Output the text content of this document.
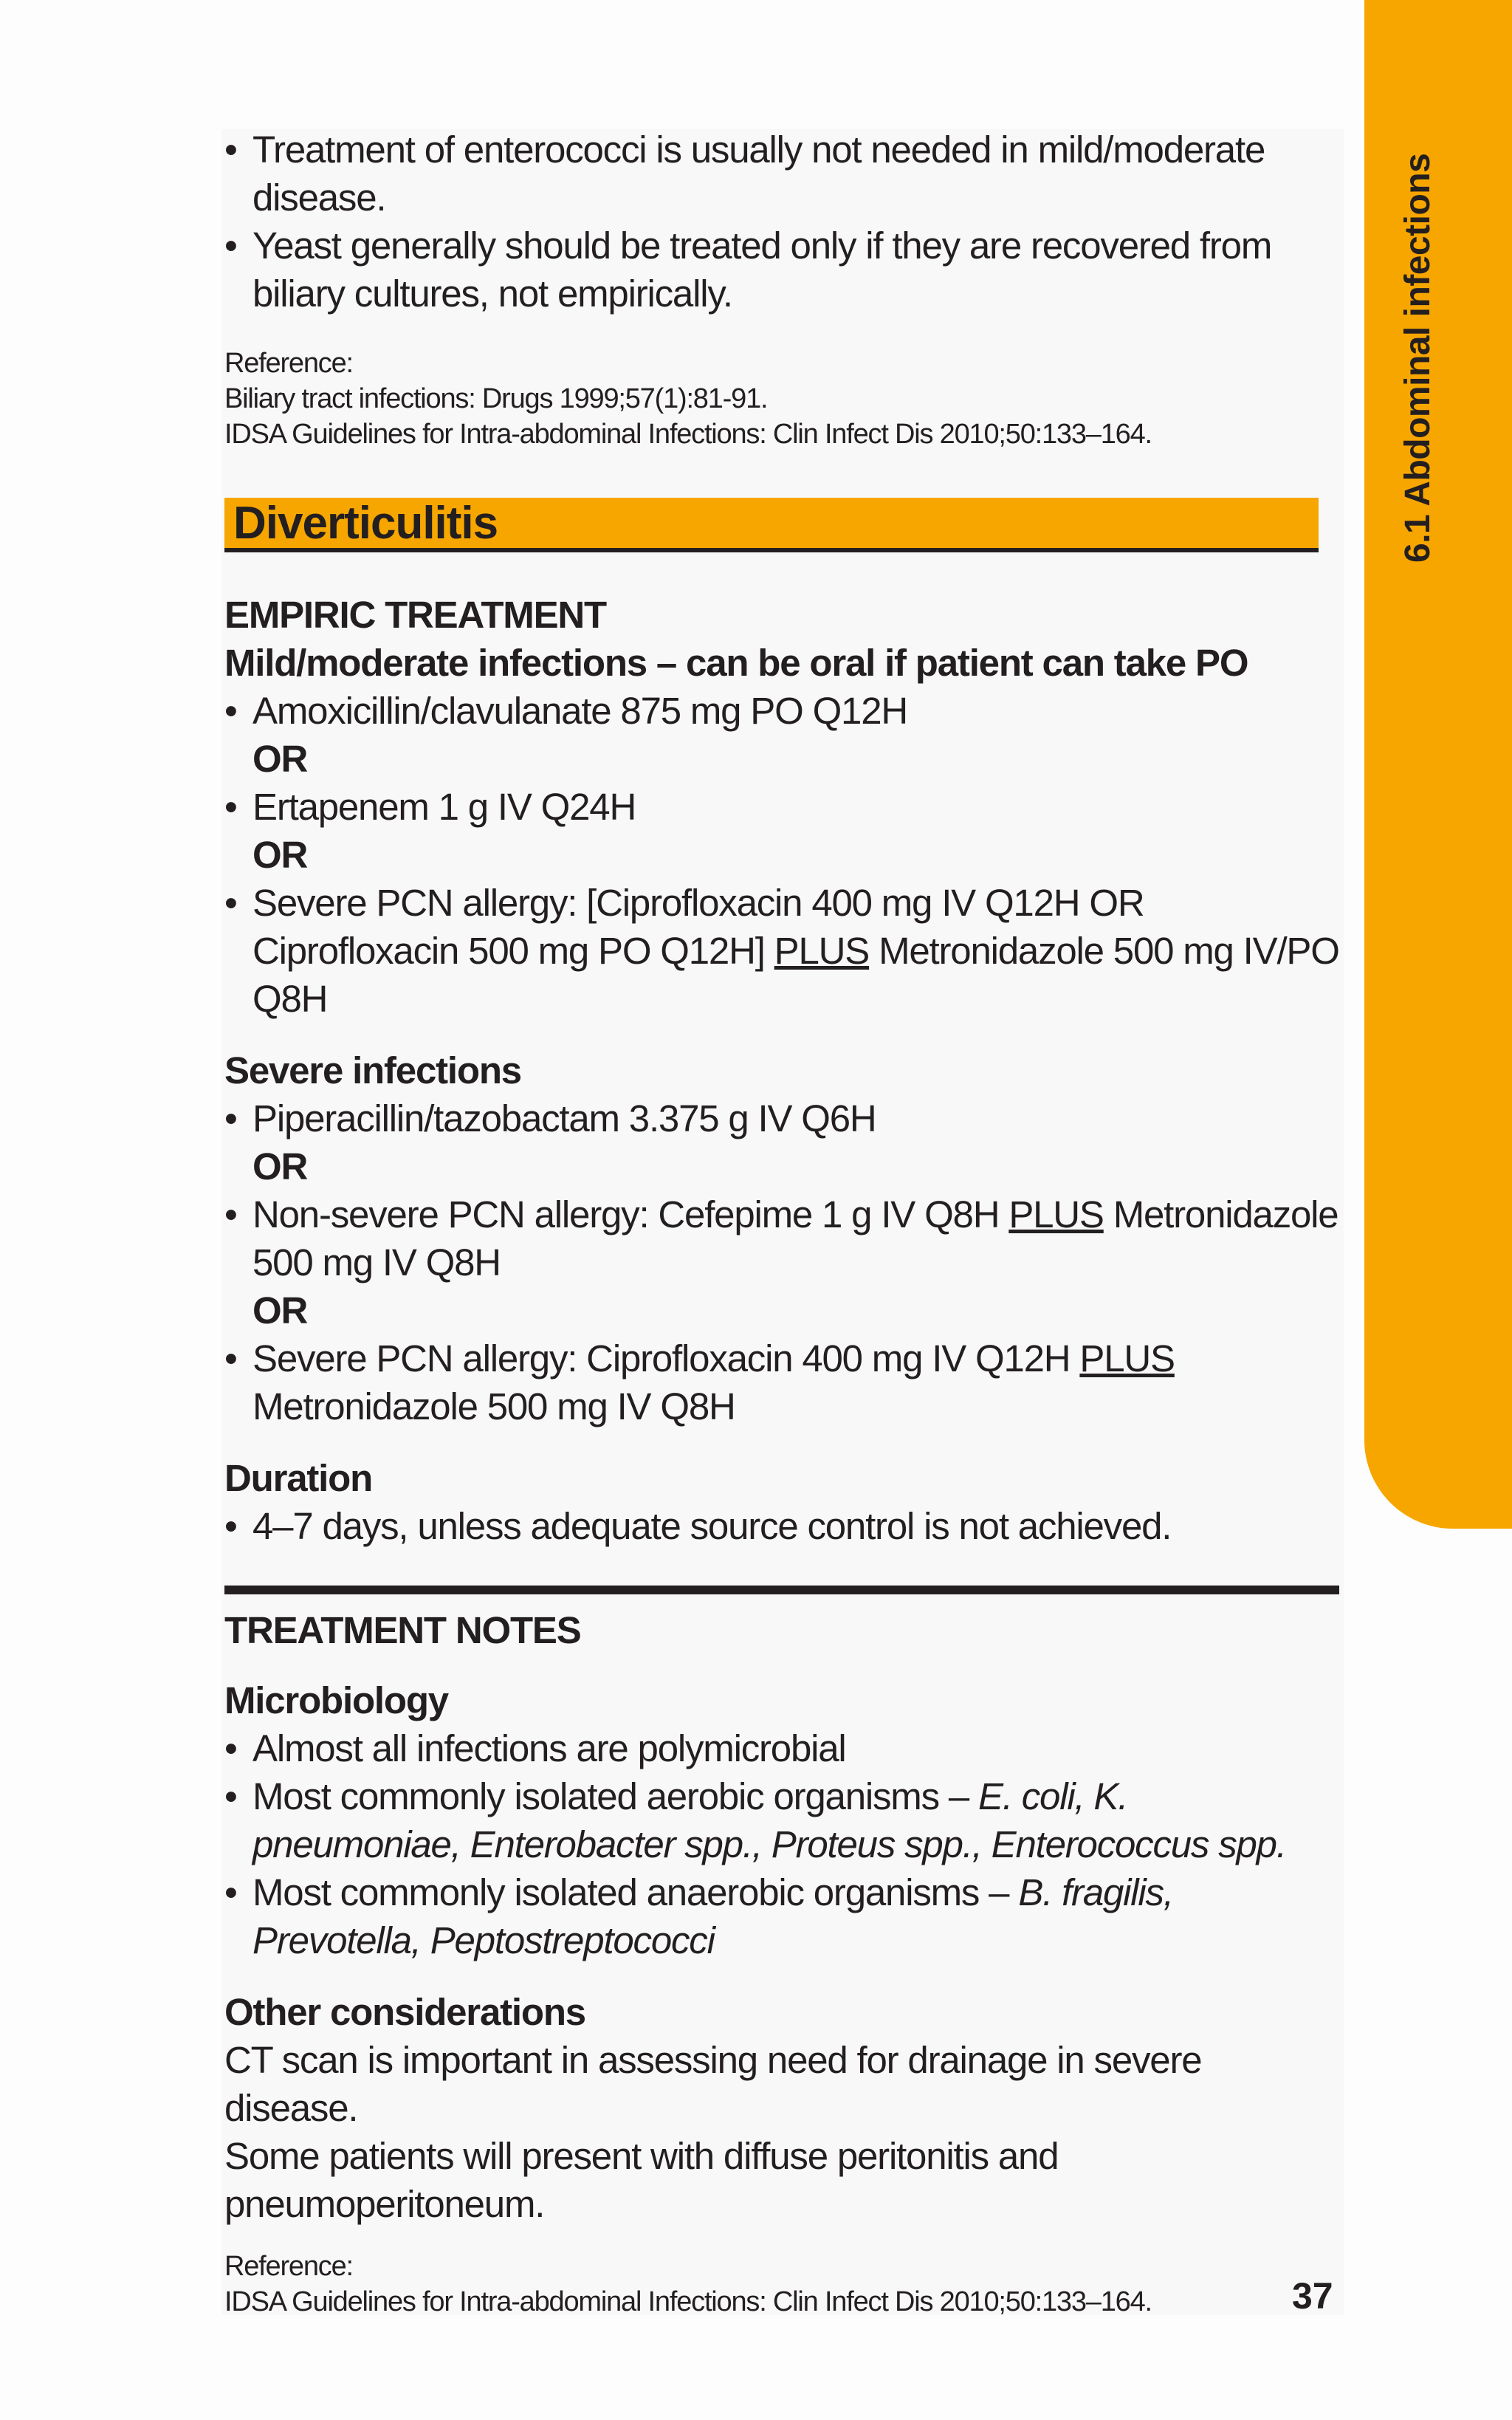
6.1 Abdominal infections
• Treatment of enterococci is usually not needed in mild/moderate disease.
• Yeast generally should be treated only if they are recovered from biliary cultures, not empirically.
Reference:
Biliary tract infections: Drugs 1999;57(1):81-91.
IDSA Guidelines for Intra-abdominal Infections: Clin Infect Dis 2010;50:133–164.
Diverticulitis
EMPIRIC TREATMENT
Mild/moderate infections – can be oral if patient can take PO
• Amoxicillin/clavulanate 875 mg PO Q12H
OR
• Ertapenem 1 g IV Q24H
OR
• Severe PCN allergy: [Ciprofloxacin 400 mg IV Q12H OR Ciprofloxacin 500 mg PO Q12H] PLUS Metronidazole 500 mg IV/PO Q8H
Severe infections
• Piperacillin/tazobactam 3.375 g IV Q6H
OR
• Non-severe PCN allergy: Cefepime 1 g IV Q8H PLUS Metronidazole 500 mg IV Q8H
OR
• Severe PCN allergy: Ciprofloxacin 400 mg IV Q12H PLUS Metronidazole 500 mg IV Q8H
Duration
• 4–7 days, unless adequate source control is not achieved.
TREATMENT NOTES
Microbiology
• Almost all infections are polymicrobial
• Most commonly isolated aerobic organisms – E. coli, K. pneumoniae, Enterobacter spp., Proteus spp., Enterococcus spp.
• Most commonly isolated anaerobic organisms – B. fragilis, Prevotella, Peptostreptococci
Other considerations
CT scan is important in assessing need for drainage in severe disease.
Some patients will present with diffuse peritonitis and pneumoperitoneum.
Reference:
IDSA Guidelines for Intra-abdominal Infections: Clin Infect Dis 2010;50:133–164.	37
